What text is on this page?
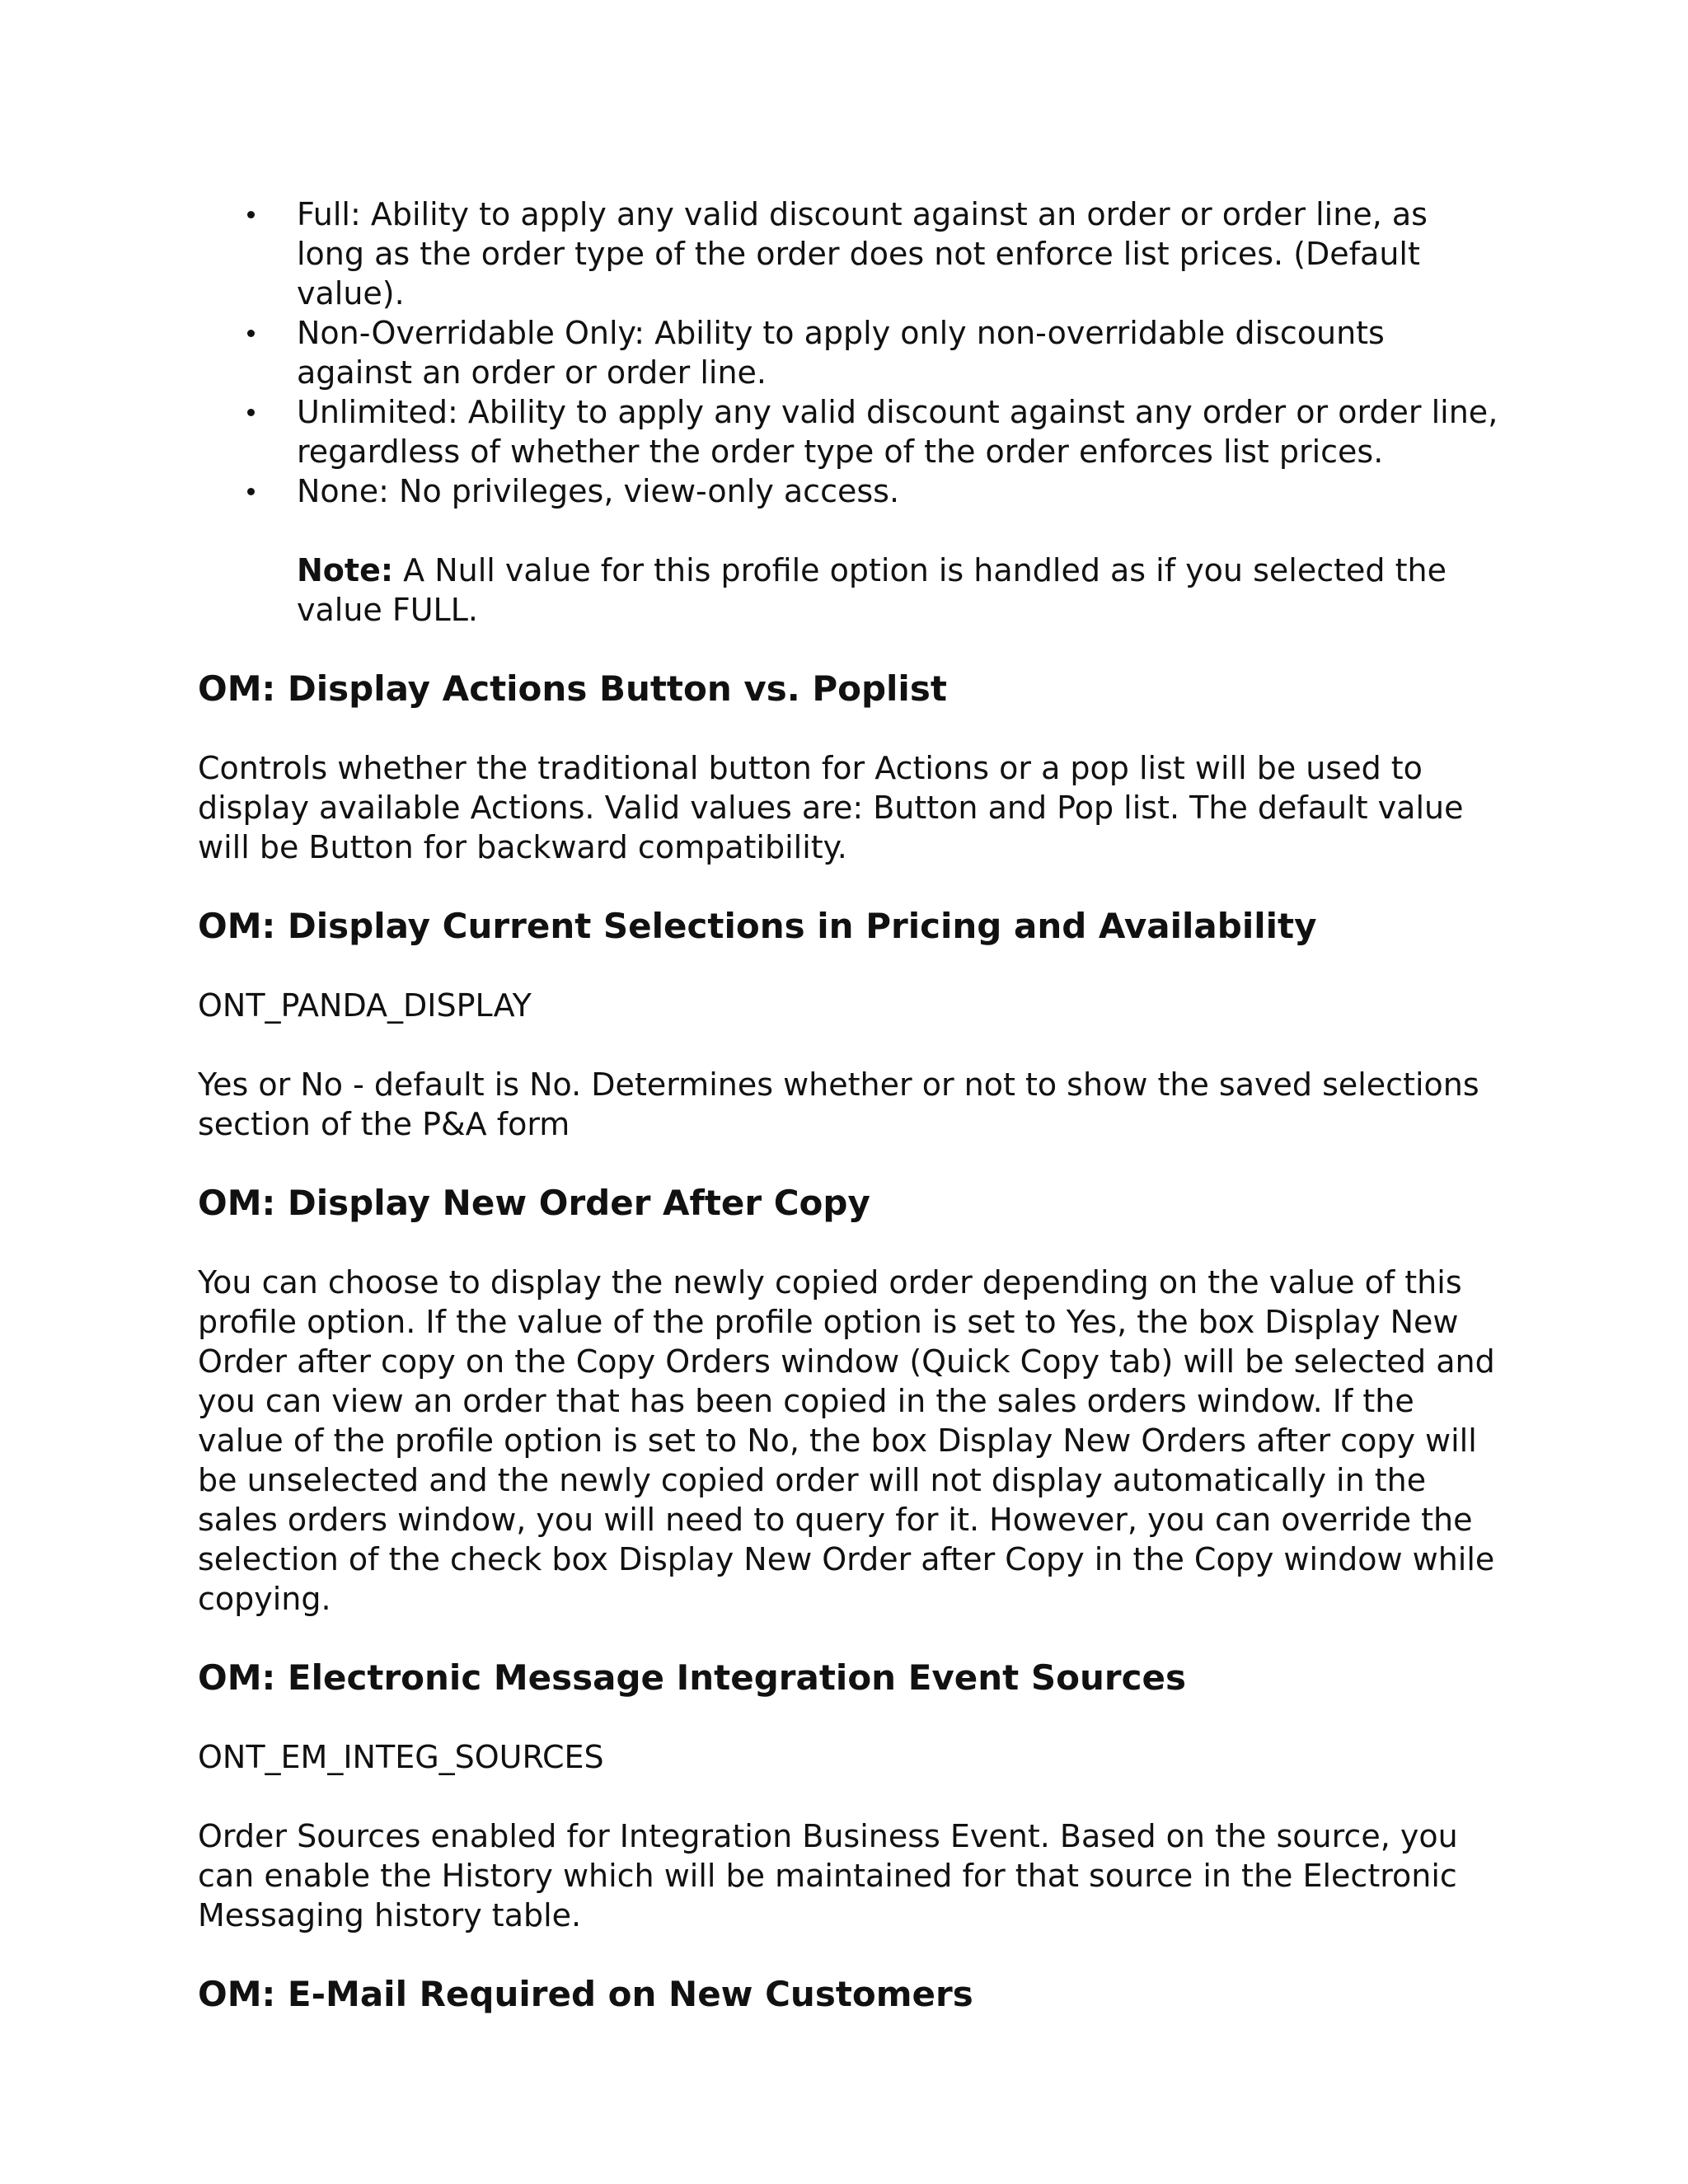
Full: Ability to apply any valid discount against an order or order line, as long as the order type of the order does not enforce list prices. (Default value).
Non-Overridable Only: Ability to apply only non-overridable discounts against an order or order line.
Unlimited: Ability to apply any valid discount against any order or order line, regardless of whether the order type of the order enforces list prices.
None: No privileges, view-only access.
Note: A Null value for this profile option is handled as if you selected the value FULL.
OM: Display Actions Button vs. Poplist

Controls whether the traditional button for Actions or a pop list will be used to display available Actions. Valid values are: Button and Pop list. The default value will be Button for backward compatibility.

OM: Display Current Selections in Pricing and Availability

ONT_PANDA_DISPLAY

Yes or No - default is No. Determines whether or not to show the saved selections section of the P&A form

OM: Display New Order After Copy

You can choose to display the newly copied order depending on the value of this profile option. If the value of the profile option is set to Yes, the box Display New Order after copy on the Copy Orders window (Quick Copy tab) will be selected and you can view an order that has been copied in the sales orders window. If the value of the profile option is set to No, the box Display New Orders after copy will be unselected and the newly copied order will not display automatically in the sales orders window, you will need to query for it. However, you can override the selection of the check box Display New Order after Copy in the Copy window while copying.

OM: Electronic Message Integration Event Sources

ONT_EM_INTEG_SOURCES

Order Sources enabled for Integration Business Event. Based on the source, you can enable the History which will be maintained for that source in the Electronic Messaging history table.

OM: E-Mail Required on New Customers
